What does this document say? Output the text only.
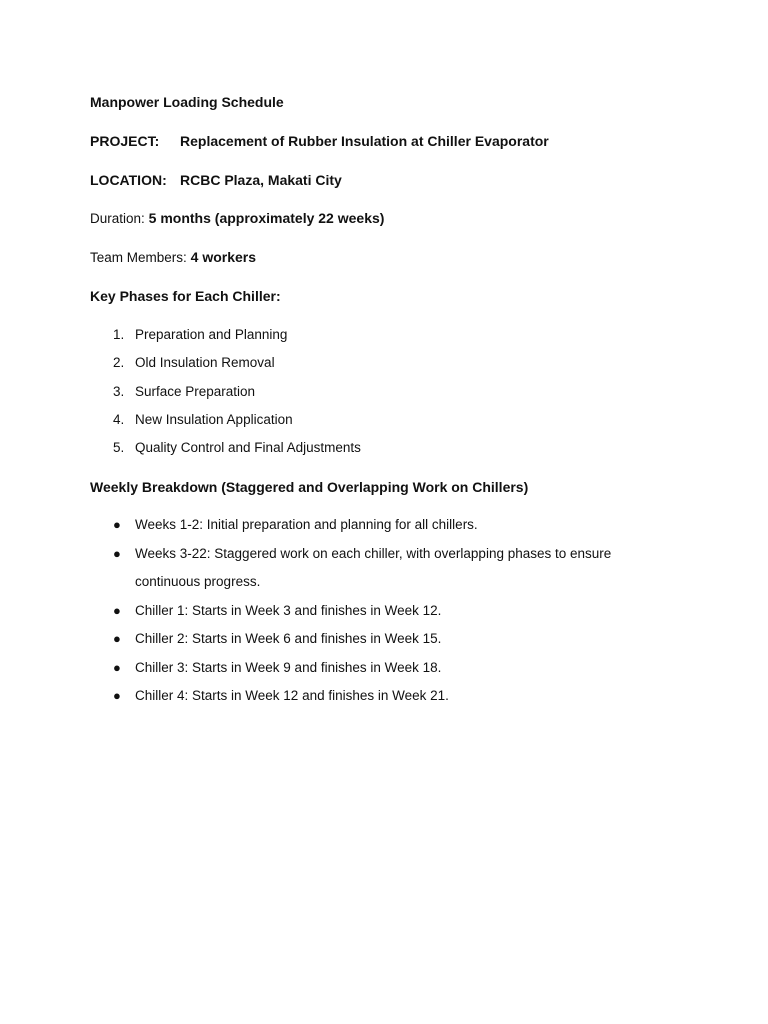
Manpower Loading Schedule
PROJECT: Replacement of Rubber Insulation at Chiller Evaporator
LOCATION: RCBC Plaza, Makati City
Duration: 5 months (approximately 22 weeks)
Team Members: 4 workers
Key Phases for Each Chiller:
1. Preparation and Planning
2. Old Insulation Removal
3. Surface Preparation
4. New Insulation Application
5. Quality Control and Final Adjustments
Weekly Breakdown (Staggered and Overlapping Work on Chillers)
● Weeks 1-2: Initial preparation and planning for all chillers.
● Weeks 3-22: Staggered work on each chiller, with overlapping phases to ensure
continuous progress.
● Chiller 1: Starts in Week 3 and finishes in Week 12.
● Chiller 2: Starts in Week 6 and finishes in Week 15.
● Chiller 3: Starts in Week 9 and finishes in Week 18.
● Chiller 4: Starts in Week 12 and finishes in Week 21.
